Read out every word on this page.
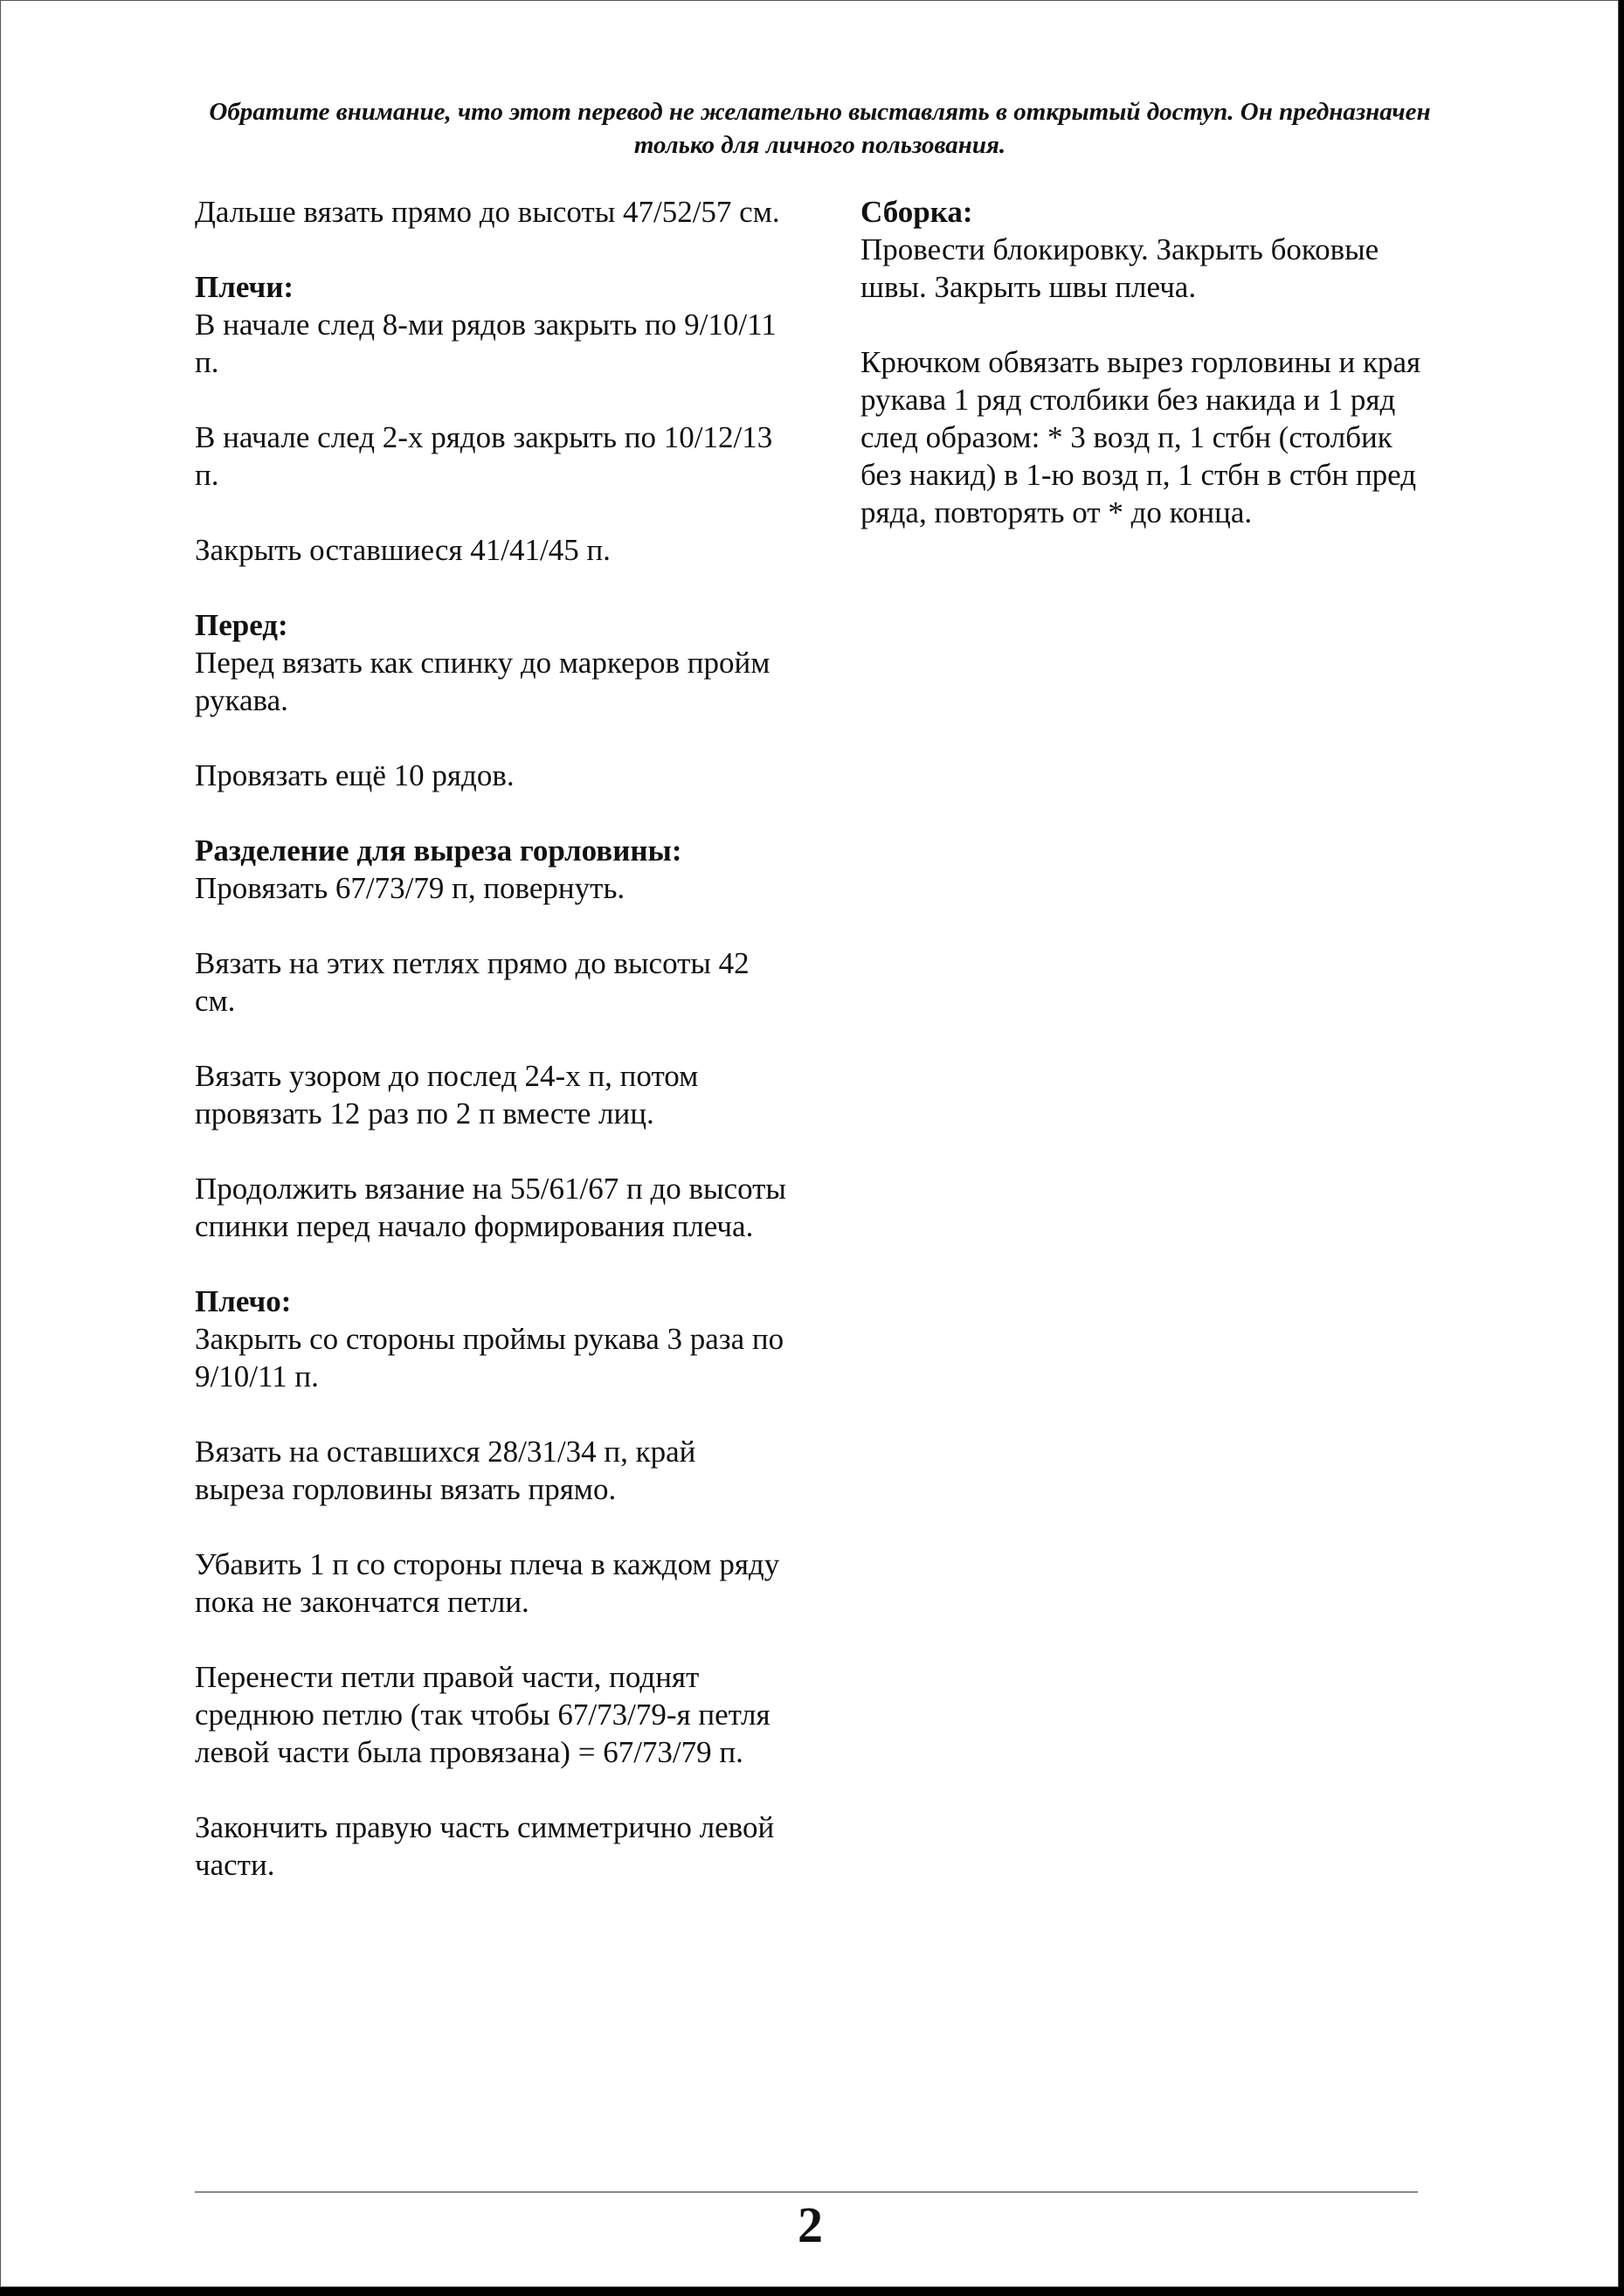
Обратите внимание, что этот перевод не желательно выставлять в открытый доступ. Он предназначен только для личного пользования.

Дальше вязать прямо до высоты 47/52/57 см.

Плечи:

В начале след 8-ми рядов закрыть по 9/10/11 п.

В начале след 2-х рядов закрыть по 10/12/13 п.

Закрыть оставшиеся 41/41/45 п.

Перед:

Перед вязать как спинку до маркеров пройм рукава.

Провязать ещё 10 рядов.

Разделение для выреза горловины:

Провязать 67/73/79 п, повернуть.

Вязать на этих петлях прямо до высоты 42 см.

Вязать узором до послед 24-х п, потом провязать 12 раз по 2 п вместе лиц.

Продолжить вязание на 55/61/67 п до высоты спинки перед начало формирования плеча.

Плечо:

Закрыть со стороны проймы рукава 3 раза по 9/10/11 п.

Вязать на оставшихся 28/31/34 п, край выреза горловины вязать прямо.

Убавить 1 п со стороны плеча в каждом ряду пока не закончатся петли.

Перенести петли правой части, поднят среднюю петлю (так чтобы 67/73/79-я петля левой части была провязана) = 67/73/79 п.

Закончить правую часть симметрично левой части.

Сборка:

Провести блокировку. Закрыть боковые швы. Закрыть швы плеча.

Крючком обвязать вырез горловины и края рукава 1 ряд столбики без накида и 1 ряд след образом: * 3 возд п, 1 стбн (столбик без накид) в 1-ю возд п, 1 стбн в стбн пред ряда, повторять от * до конца.

2
